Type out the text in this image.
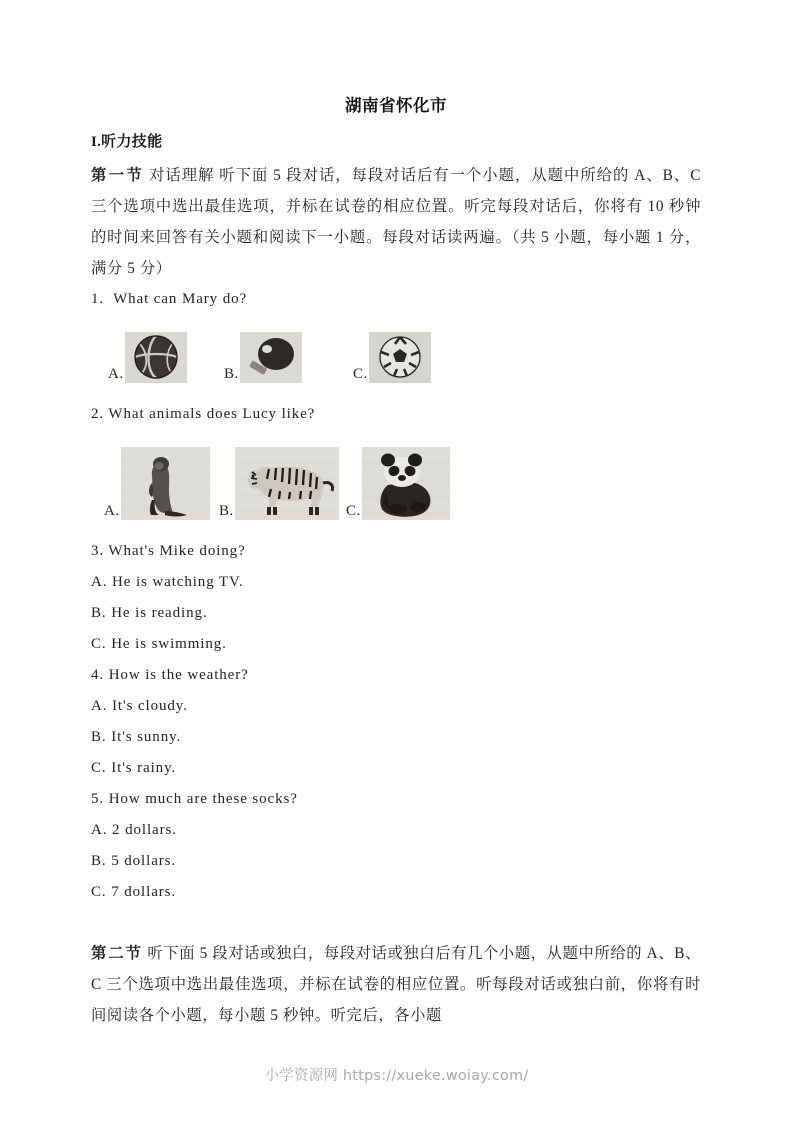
湖南省怀化市
I.听力技能

第一节 对话理解 听下面 5 段对话，每段对话后有一个小题，从题中所给的 A、B、C 三个选项中选出最佳选项，并标在试卷的相应位置。听完每段对话后，你将有 10 秒钟的时间来回答有关小题和阅读下一小题。每段对话读两遍。（共 5 小题，每小题 1 分，满分 5 分）

1.  What can Mary do?

A.	B.	C.

2. What animals does Lucy like?

A.	B.	C.

3. What's Mike doing?

A. He is watching TV.

B. He is reading.

C. He is swimming.

4. How is the weather?

A. It's cloudy.

B. It's sunny.

C. It's rainy.

5. How much are these socks?

A. 2 dollars.

B. 5 dollars.

C. 7 dollars.

第二节 听下面 5 段对话或独白，每段对话或独白后有几个小题，从题中所给的 A、B、C 三个选项中选出最佳选项，并标在试卷的相应位置。听每段对话或独白前，你将有时间阅读各个小题，每小题 5 秒钟。听完后，各小题

小学资源网 https://xueke.woiay.com/
